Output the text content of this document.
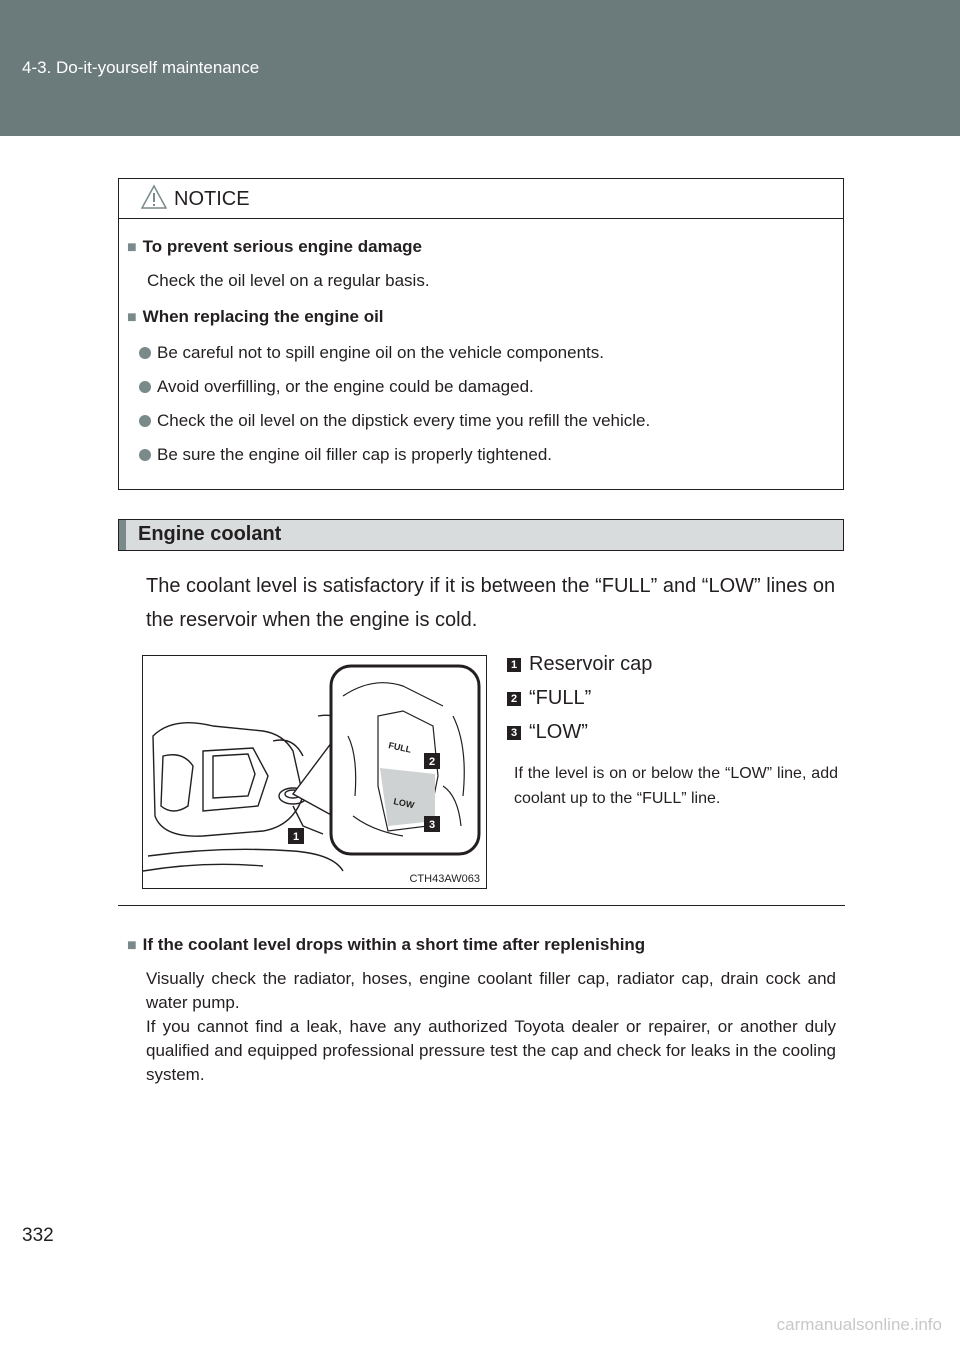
4-3. Do-it-yourself maintenance
NOTICE
■ To prevent serious engine damage
Check the oil level on a regular basis.
■ When replacing the engine oil
Be careful not to spill engine oil on the vehicle components.
Avoid overfilling, or the engine could be damaged.
Check the oil level on the dipstick every time you refill the vehicle.
Be sure the engine oil filler cap is properly tightened.
Engine coolant
The coolant level is satisfactory if it is between the “FULL” and “LOW” lines on the reservoir when the engine is cold.
FULL
LOW
1
2
3
CTH43AW063
1 Reservoir cap
2 “FULL”
3 “LOW”
If the level is on or below the “LOW” line, add coolant up to the “FULL” line.
■ If the coolant level drops within a short time after replenishing

Visually check the radiator, hoses, engine coolant filler cap, radiator cap, drain cock and water pump.

If you cannot find a leak, have any authorized Toyota dealer or repairer, or another duly qualified and equipped professional pressure test the cap and check for leaks in the cooling system.

332
carmanualsonline.info
